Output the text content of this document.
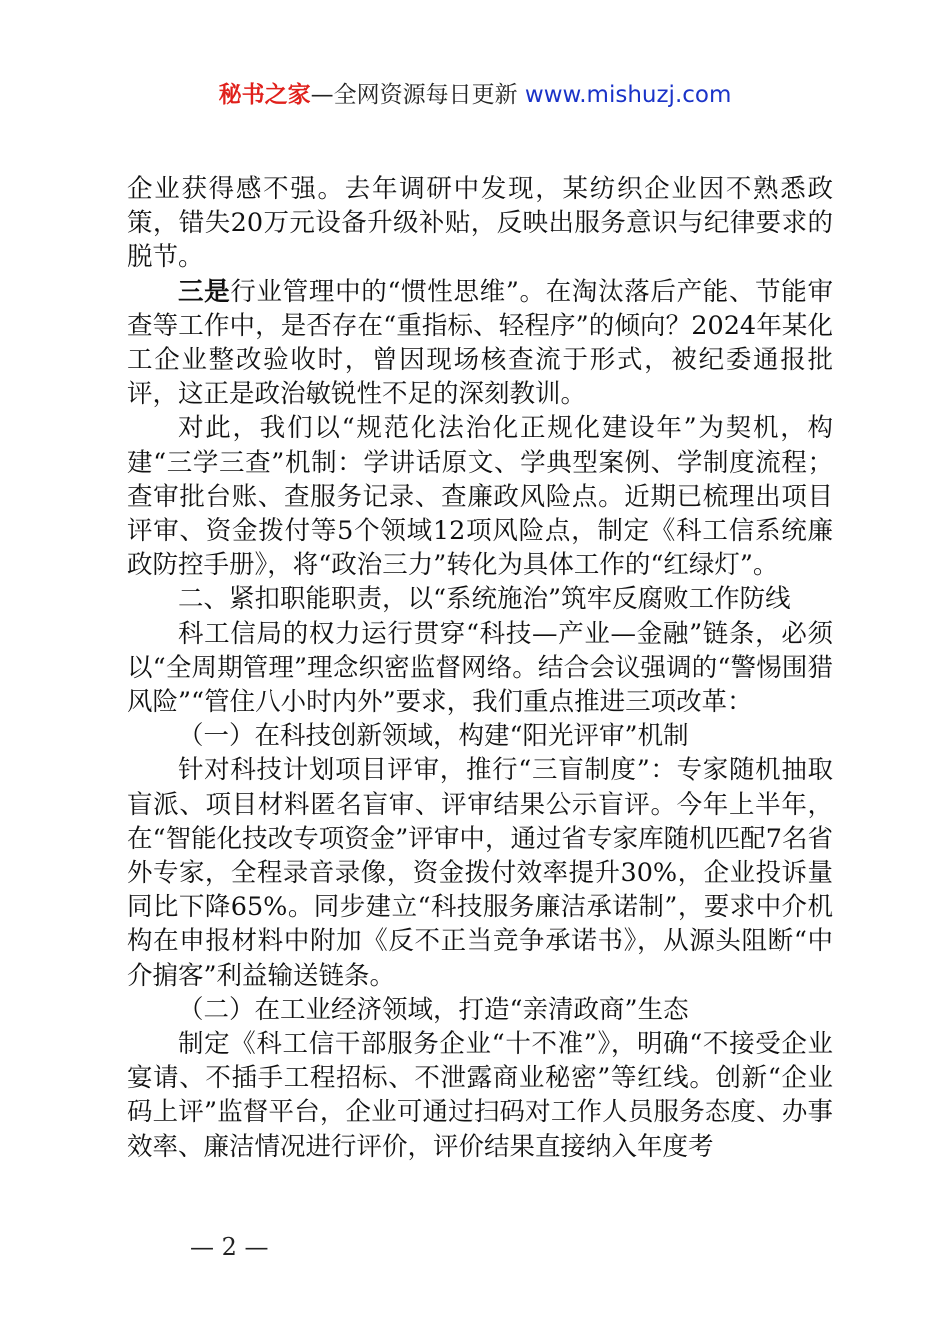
秘书之家—全网资源每日更新 www.mishuzj.com

企业获得感不强。去年调研中发现，某纺织企业因不熟悉政策，错失20万元设备升级补贴，反映出服务意识与纪律要求的脱节。

三是行业管理中的“惯性思维”。在淘汰落后产能、节能审查等工作中，是否存在“重指标、轻程序”的倾向？2024年某化工企业整改验收时，曾因现场核查流于形式，被纪委通报批评，这正是政治敏锐性不足的深刻教训。

对此，我们以“规范化法治化正规化建设年”为契机，构建“三学三查”机制：学讲话原文、学典型案例、学制度流程；查审批台账、查服务记录、查廉政风险点。近期已梳理出项目评审、资金拨付等5个领域12项风险点，制定《科工信系统廉政防控手册》，将“政治三力”转化为具体工作的“红绿灯”。

二、紧扣职能职责，以“系统施治”筑牢反腐败工作防线

科工信局的权力运行贯穿“科技—产业—金融”链条，必须以“全周期管理”理念织密监督网络。结合会议强调的“警惕围猎风险”“管住八小时内外”要求，我们重点推进三项改革：

（一）在科技创新领域，构建“阳光评审”机制

针对科技计划项目评审，推行“三盲制度”：专家随机抽取盲派、项目材料匿名盲审、评审结果公示盲评。今年上半年，在“智能化技改专项资金”评审中，通过省专家库随机匹配7名省外专家，全程录音录像，资金拨付效率提升30%，企业投诉量同比下降65%。同步建立“科技服务廉洁承诺制”，要求中介机构在申报材料中附加《反不正当竞争承诺书》，从源头阻断“中介掮客”利益输送链条。

（二）在工业经济领域，打造“亲清政商”生态

制定《科工信干部服务企业“十不准”》，明确“不接受企业宴请、不插手工程招标、不泄露商业秘密”等红线。创新“企业码上评”监督平台，企业可通过扫码对工作人员服务态度、办事效率、廉洁情况进行评价，评价结果直接纳入年度考

— 2 —
